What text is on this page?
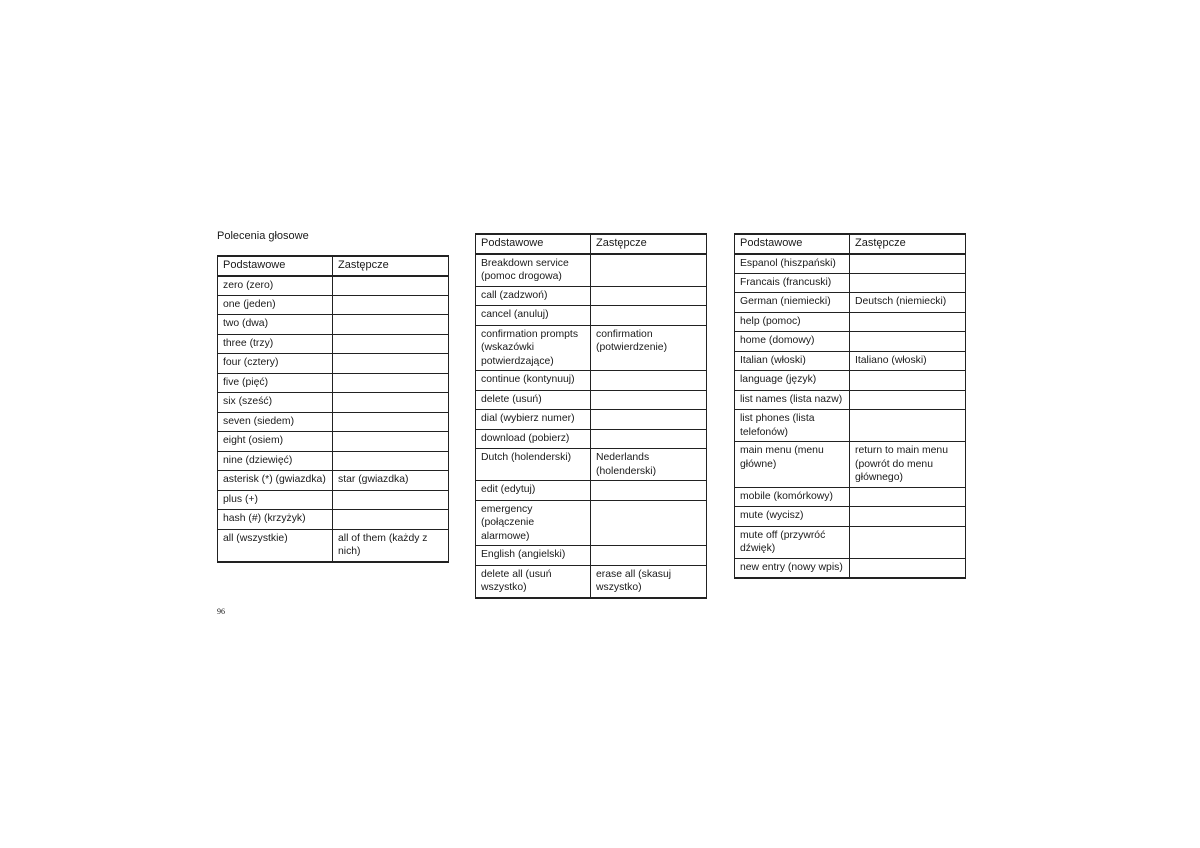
Polecenia głosowe
Podstawowe	Zastępcze
zero (zero)	
one (jeden)	
two (dwa)	
three (trzy)	
four (cztery)	
five (pięć)	
six (sześć)	
seven (siedem)	
eight (osiem)	
nine (dziewięć)	
asterisk (*) (gwiazdka)	star (gwiazdka)
plus (+)	
hash (#) (krzyżyk)	
all (wszystkie)	all of them (każdy z nich)
Podstawowe	Zastępcze
Breakdown service (pomoc drogowa)	
call (zadzwoń)	
cancel (anuluj)	
confirmation prompts (wskazówki potwierdzające)	confirmation (potwierdzenie)
continue (kontynuuj)	
delete (usuń)	
dial (wybierz numer)	
download (pobierz)	
Dutch (holenderski)	Nederlands (holenderski)
edit (edytuj)	
emergency (połączenie alarmowe)	
English (angielski)	
delete all (usuń wszystko)	erase all (skasuj wszystko)
Podstawowe	Zastępcze
Espanol (hiszpański)	
Francais (francuski)	
German (niemiecki)	Deutsch (niemiecki)
help (pomoc)	
home (domowy)	
Italian (włoski)	Italiano (włoski)
language (język)	
list names (lista nazw)	
list phones (lista telefonów)	
main menu (menu główne)	return to main menu (powrót do menu głównego)
mobile (komórkowy)	
mute (wycisz)	
mute off (przywróć dźwięk)	
new entry (nowy wpis)	
96
